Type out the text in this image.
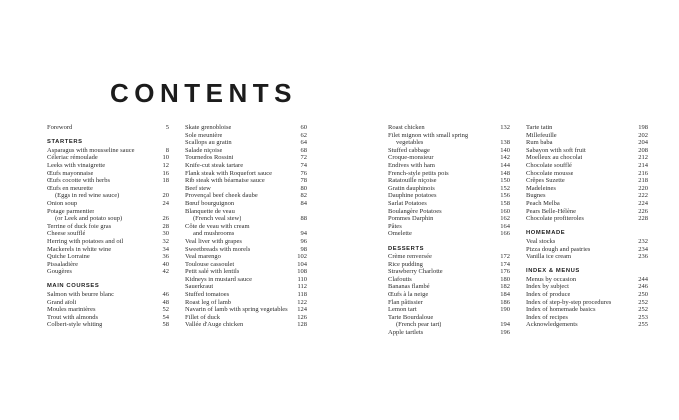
CONTENTS
Foreword	5
STARTERS
Asparagus with mousseline sauce	8
Céleriac rémoulade	10
Leeks with vinaigrette	12
Œufs mayonnaise	16
Œufs cocotte with herbs	18
Œufs en meurette
(Eggs in red wine sauce)	20
Onion soup	24
Potage parmentier
(or Leek and potato soup)	26
Terrine of duck foie gras	28
Cheese soufflé	30
Herring with potatoes and oil	32
Mackerels in white wine	34
Quiche Lorraine	36
Pissaladière	40
Gougères	42
MAIN COURSES
Salmon with beurre blanc	46
Grand aïoli	48
Moules marinières	52
Trout with almonds	54
Colbert-style whiting	58
Skate grenobloise	60
Sole meunière	62
Scallops au gratin	64
Salade niçoise	68
Tournedos Rossini	72
Knife-cut steak tartare	74
Flank steak with Roquefort sauce	76
Rib steak with béarnaise sauce	78
Beef stew	80
Provençal beef cheek daube	82
Bœuf bourguignon	84
Blanquette de veau
(French veal stew)	88
Côte de veau with cream
and mushrooms	94
Veal liver with grapes	96
Sweetbreads with morels	98
Veal marengo	102
Toulouse cassoulet	104
Petit salé with lentils	108
Kidneys in mustard sauce	110
Sauerkraut	112
Stuffed tomatoes	118
Roast leg of lamb	122
Navarin of lamb with spring vegetables	124
Fillet of duck	126
Vallée d'Auge chicken	128
Roast chicken	132
Filet mignon with small spring
vegetables	138
Stuffed cabbage	140
Croque-monsieur	142
Endives with ham	144
French-style petits pois	148
Ratatouille niçoise	150
Gratin dauphinois	152
Dauphine potatoes	156
Sarlat Potatoes	158
Boulangère Potatoes	160
Pommes Darphin	162
Pâtes	164
Omelette	166
DESSERTS
Crème renversée	172
Rice pudding	174
Strawberry Charlotte	176
Clafoutis	180
Bananas flambé	182
Œufs à la neige	184
Flan pâtissier	186
Lemon tart	190
Tarte Bourdaloue
(French pear tart)	194
Apple tartlets	196
Tarte tatin	198
Millefeuille	202
Rum baba	204
Sabayon with soft fruit	208
Moelleux au chocolat	212
Chocolate soufflé	214
Chocolate mousse	216
Crêpes Suzette	218
Madeleines	220
Bugnes	222
Peach Melba	224
Pears Belle-Hélène	226
Chocolate profiteroles	228
HOMEMADE
Veal stocks	232
Pizza dough and pastries	234
Vanilla ice cream	236
INDEX & MENUS
Menus by occasion	244
Index by subject	246
Index of produce	250
Index of step-by-step procedures	252
Index of homemade basics	252
Index of recipes	253
Acknowledgements	255
